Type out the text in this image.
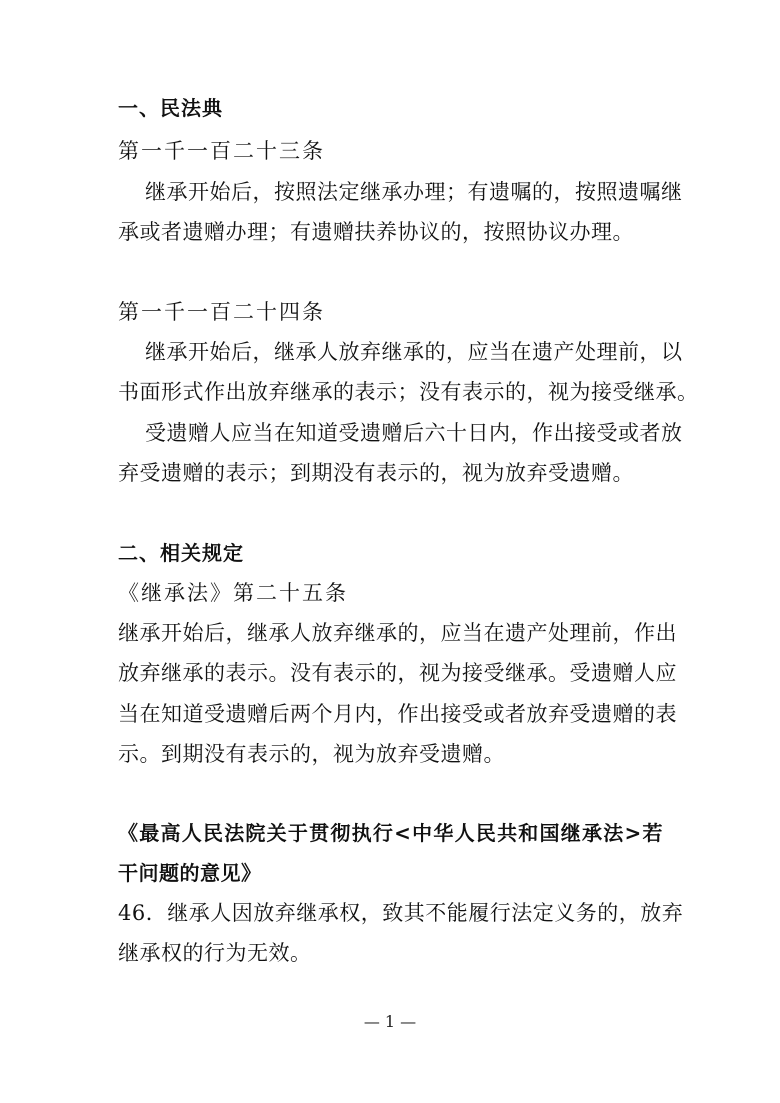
一、民法典
第一千一百二十三条
继承开始后，按照法定继承办理；有遗嘱的，按照遗嘱继
承或者遗赠办理；有遗赠扶养协议的，按照协议办理。
第一千一百二十四条
继承开始后，继承人放弃继承的，应当在遗产处理前，以
书面形式作出放弃继承的表示；没有表示的，视为接受继承。
受遗赠人应当在知道受遗赠后六十日内，作出接受或者放
弃受遗赠的表示；到期没有表示的，视为放弃受遗赠。
二、相关规定
《继承法》第二十五条
继承开始后，继承人放弃继承的，应当在遗产处理前，作出
放弃继承的表示。没有表示的，视为接受继承。受遗赠人应
当在知道受遗赠后两个月内，作出接受或者放弃受遗赠的表
示。到期没有表示的，视为放弃受遗赠。
《最高人民法院关于贯彻执行<中华人民共和国继承法>若
干问题的意见》
46．继承人因放弃继承权，致其不能履行法定义务的，放弃
继承权的行为无效。
— 1 —
